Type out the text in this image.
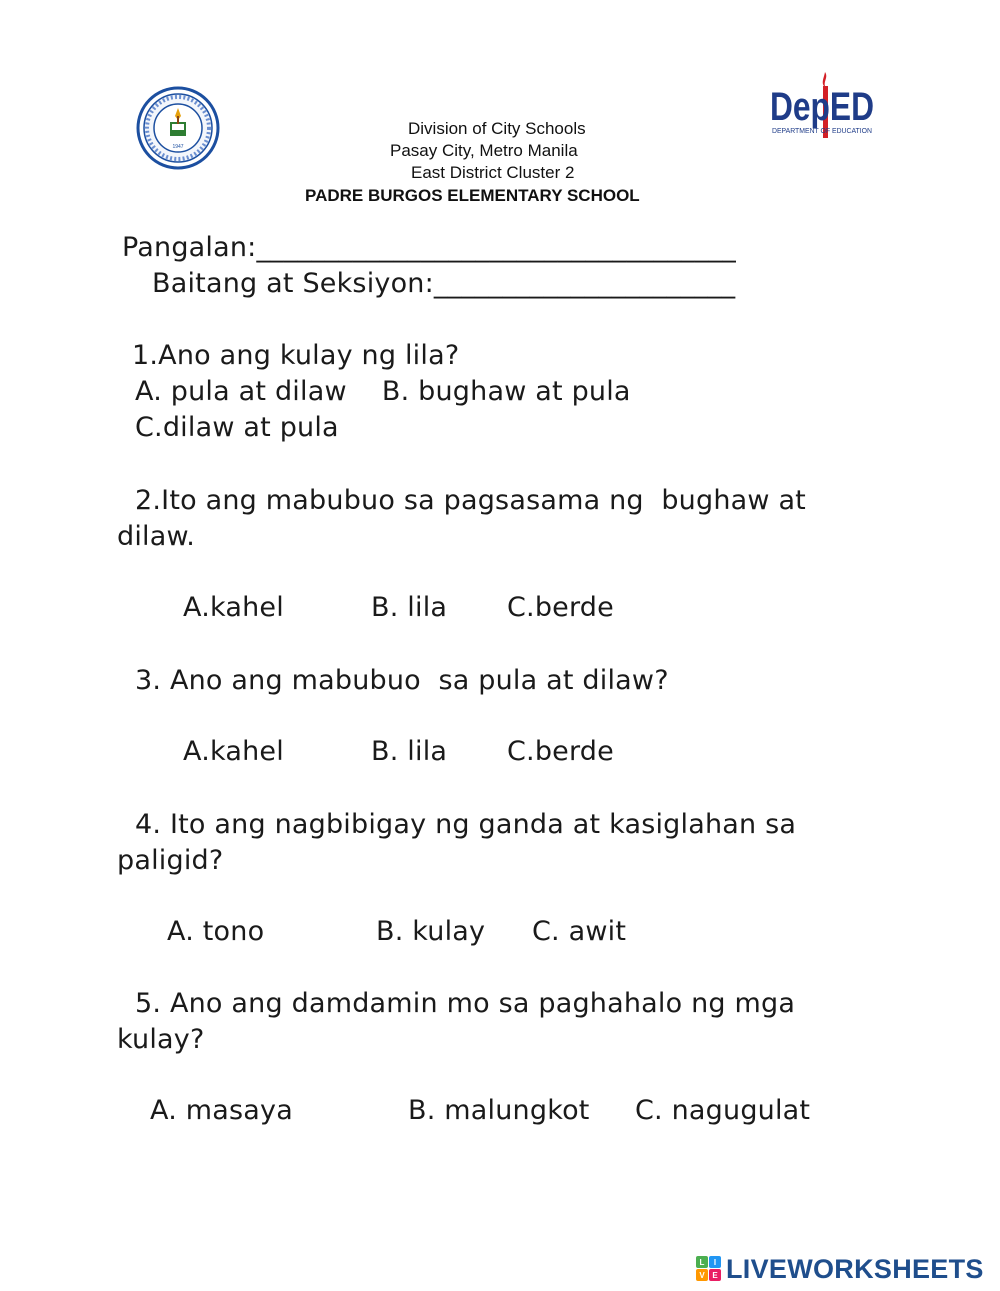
1947
DepED
DEPARTMENT OF EDUCATION
Division of City Schools
Pasay City, Metro Manila
East District Cluster 2
PADRE BURGOS ELEMENTARY SCHOOL
Pangalan:___________________________________
Baitang at Seksiyon:______________________
1.Ano ang kulay ng lila?
A. pula at dilaw    B. bughaw at pula
C.dilaw at pula
2.Ito ang mabubuo sa pagsasama ng  bughaw at
dilaw.
A.kahel	B. lila C.berde
3. Ano ang mabubuo  sa pula at dilaw?
A.kahel	B. lila C.berde
4. Ito ang nagbibigay ng ganda at kasiglahan sa
paligid?
A. tono	B. kulay C. awit
5. Ano ang damdamin mo sa paghahalo ng mga
kulay?
A. masaya	B. malungkot C. nagugulat
L I
V E LIVEWORKSHEETS
